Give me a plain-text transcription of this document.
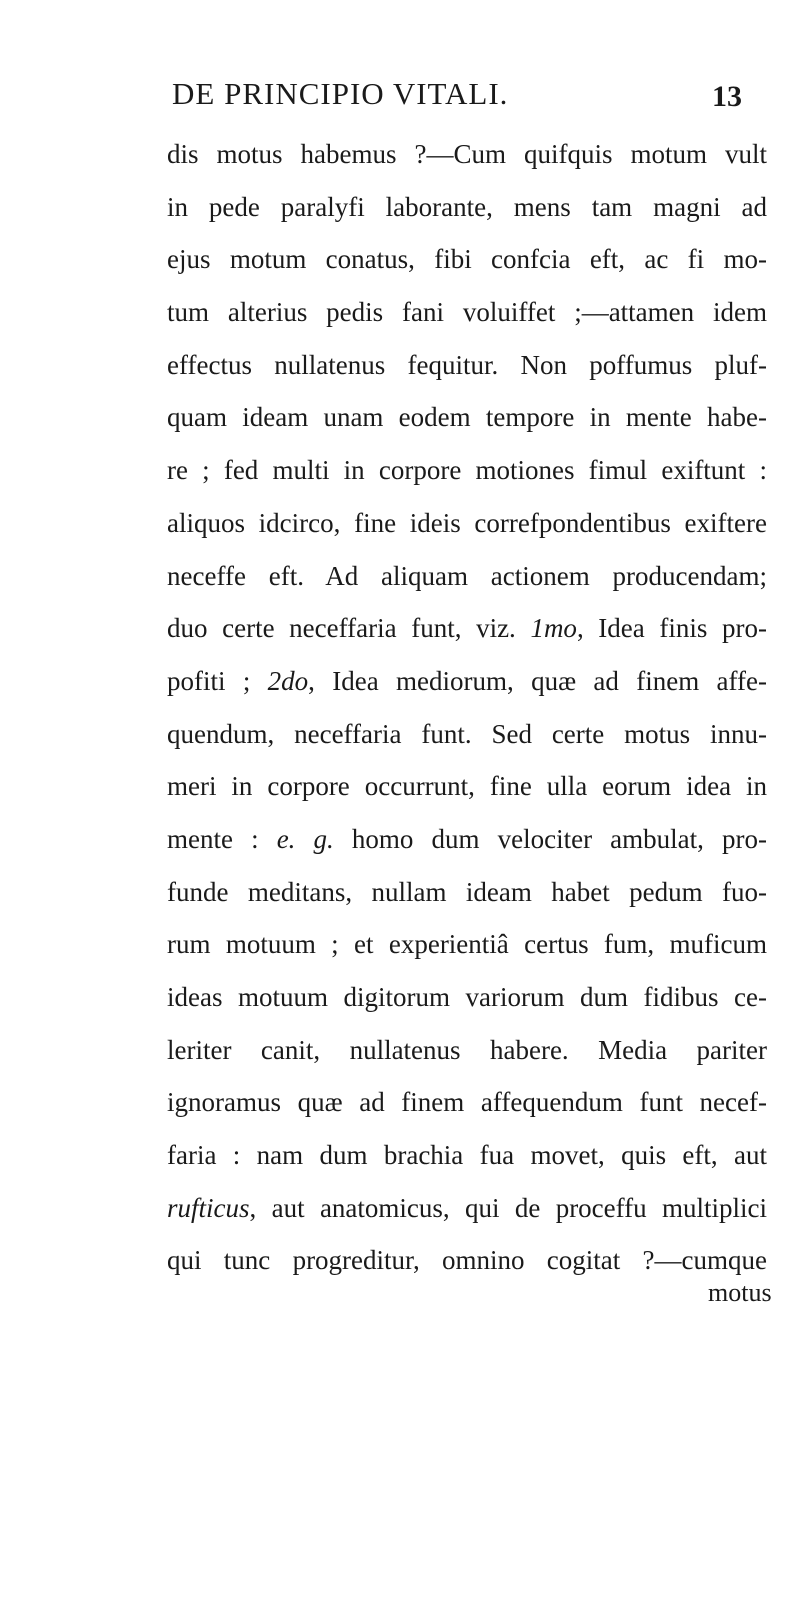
DE PRINCIPIO VITALI.	13
dis motus habemus ?—Cum quifquis motum vult
in pede paralyfi laborante, mens tam magni ad
ejus motum conatus, fibi confcia eft, ac fi mo-
tum alterius pedis fani voluiffet ;—attamen idem
effectus nullatenus fequitur. Non poffumus pluf-
quam ideam unam eodem tempore in mente habe-
re ; fed multi in corpore motiones fimul exiftunt :
aliquos idcirco, fine ideis correfpondentibus exiftere
neceffe eft. Ad aliquam actionem producendam;
duo certe neceffaria funt, viz. 1mo, Idea finis pro-
pofiti ; 2do, Idea mediorum, quæ ad finem affe-
quendum, neceffaria funt. Sed certe motus innu-
meri in corpore occurrunt, fine ulla eorum idea in
mente : e. g. homo dum velociter ambulat, pro-
funde meditans, nullam ideam habet pedum fuo-
rum motuum ; et experientiâ certus fum, muficum
ideas motuum digitorum variorum dum fidibus ce-
leriter canit, nullatenus habere. Media pariter
ignoramus quæ ad finem affequendum funt necef-
faria : nam dum brachia fua movet, quis eft, aut
rufticus, aut anatomicus, qui de proceffu multiplici
qui tunc progreditur, omnino cogitat ?—cumque
motus
